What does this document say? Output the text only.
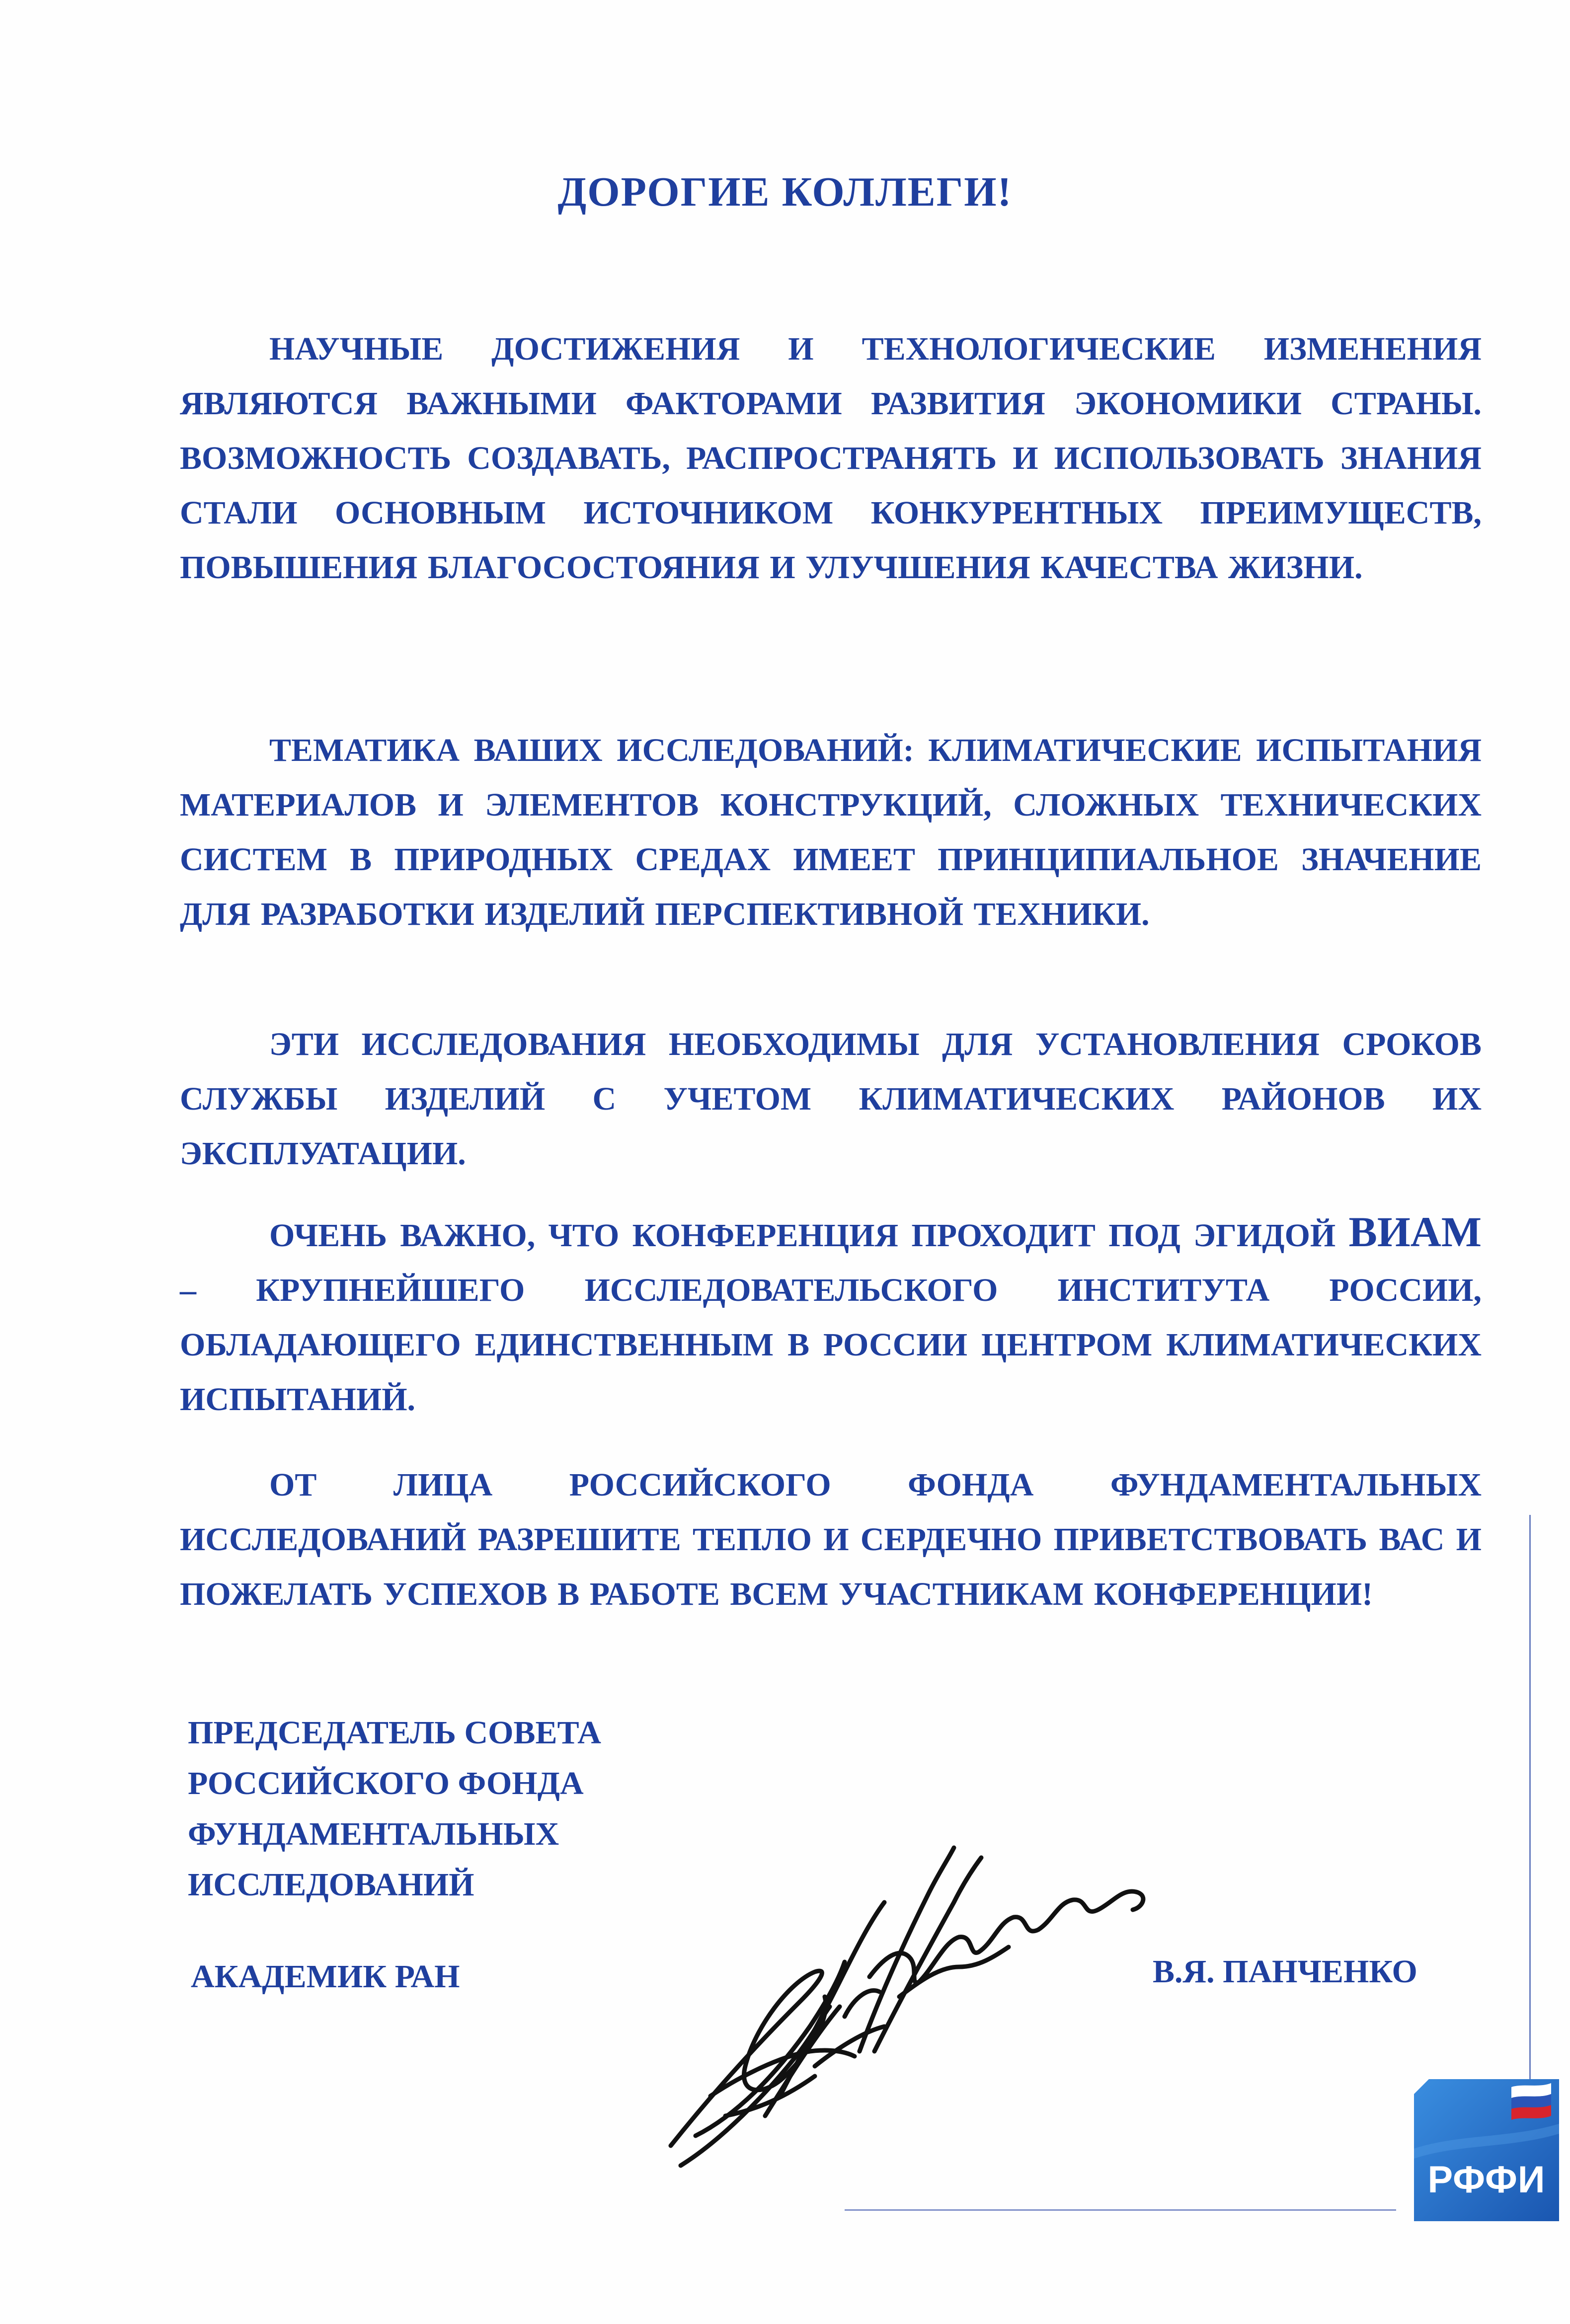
ДОРОГИЕ КОЛЛЕГИ!
НАУЧНЫЕ ДОСТИЖЕНИЯ И ТЕХНОЛОГИЧЕСКИЕ ИЗМЕНЕНИЯ ЯВЛЯЮТСЯ ВАЖНЫМИ ФАКТОРАМИ РАЗВИТИЯ ЭКОНОМИКИ СТРАНЫ. ВОЗМОЖНОСТЬ СОЗДАВАТЬ, РАСПРОСТРАНЯТЬ И ИСПОЛЬЗОВАТЬ ЗНАНИЯ СТАЛИ ОСНОВНЫМ ИСТОЧНИКОМ КОНКУРЕНТНЫХ ПРЕИМУЩЕСТВ, ПОВЫШЕНИЯ БЛАГОСОСТОЯНИЯ И УЛУЧШЕНИЯ КАЧЕСТВА ЖИЗНИ.
ТЕМАТИКА ВАШИХ ИССЛЕДОВАНИЙ: КЛИМАТИЧЕСКИЕ ИСПЫТАНИЯ МАТЕРИАЛОВ И ЭЛЕМЕНТОВ КОНСТРУКЦИЙ, СЛОЖНЫХ ТЕХНИЧЕСКИХ СИСТЕМ В ПРИРОДНЫХ СРЕДАХ ИМЕЕТ ПРИНЦИПИАЛЬНОЕ ЗНАЧЕНИЕ ДЛЯ РАЗРАБОТКИ ИЗДЕЛИЙ ПЕРСПЕКТИВНОЙ ТЕХНИКИ.
ЭТИ ИССЛЕДОВАНИЯ НЕОБХОДИМЫ ДЛЯ УСТАНОВЛЕНИЯ СРОКОВ СЛУЖБЫ ИЗДЕЛИЙ С УЧЕТОМ КЛИМАТИЧЕСКИХ РАЙОНОВ ИХ ЭКСПЛУАТАЦИИ.
ОЧЕНЬ ВАЖНО, ЧТО КОНФЕРЕНЦИЯ ПРОХОДИТ ПОД ЭГИДОЙ ВИАМ – КРУПНЕЙШЕГО ИССЛЕДОВАТЕЛЬСКОГО ИНСТИТУТА РОССИИ, ОБЛАДАЮЩЕГО ЕДИНСТВЕННЫМ В РОССИИ ЦЕНТРОМ КЛИМАТИЧЕСКИХ ИСПЫТАНИЙ.
ОТ ЛИЦА РОССИЙСКОГО ФОНДА ФУНДАМЕНТАЛЬНЫХ ИССЛЕДОВАНИЙ РАЗРЕШИТЕ ТЕПЛО И СЕРДЕЧНО ПРИВЕТСТВОВАТЬ ВАС И ПОЖЕЛАТЬ УСПЕХОВ В РАБОТЕ ВСЕМ УЧАСТНИКАМ КОНФЕРЕНЦИИ!
ПРЕДСЕДАТЕЛЬ СОВЕТА
РОССИЙСКОГО ФОНДА
ФУНДАМЕНТАЛЬНЫХ
ИССЛЕДОВАНИЙ
АКАДЕМИК РАН	В.Я. ПАНЧЕНКО
РФФИ
